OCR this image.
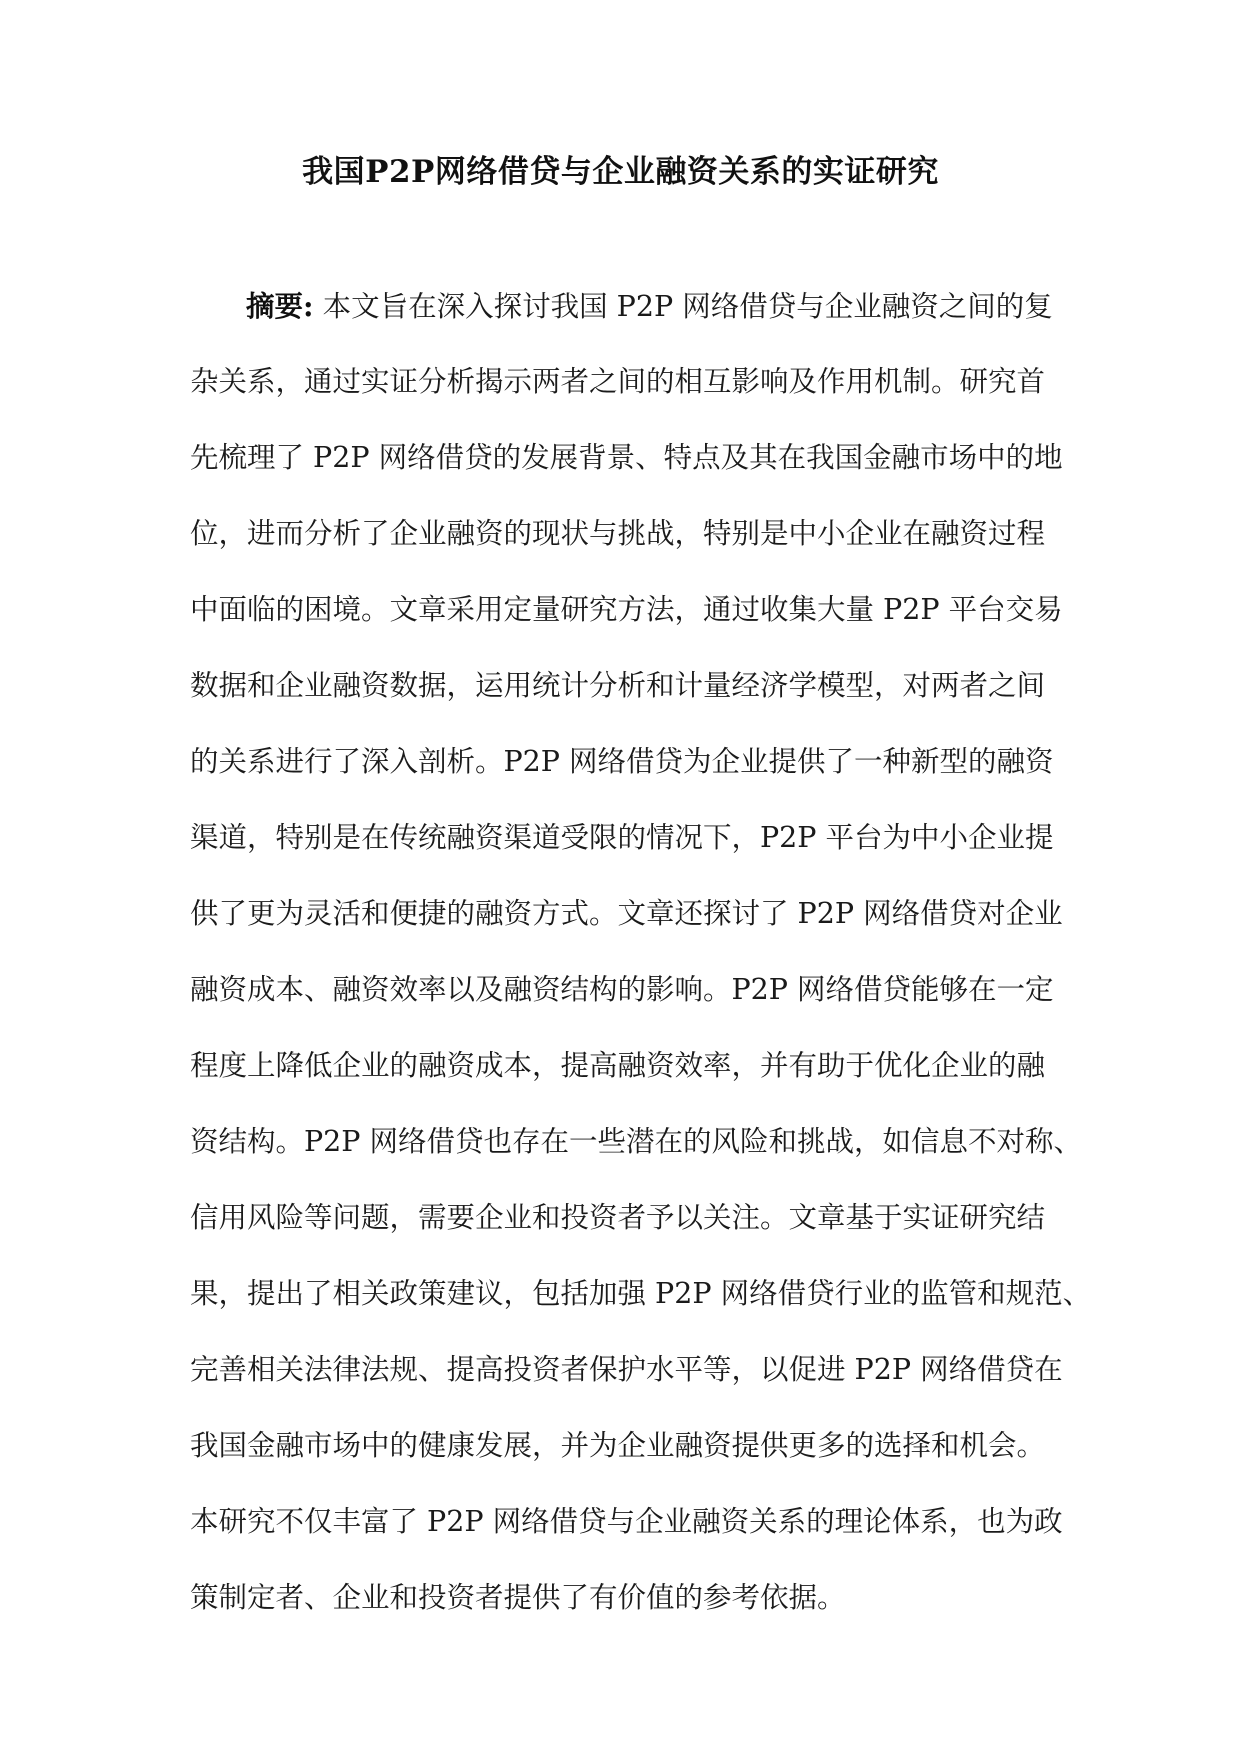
我国P2P网络借贷与企业融资关系的实证研究
摘要: 本文旨在深入探讨我国 P2P 网络借贷与企业融资之间的复
杂关系，通过实证分析揭示两者之间的相互影响及作用机制。研究首
先梳理了 P2P 网络借贷的发展背景、特点及其在我国金融市场中的地
位，进而分析了企业融资的现状与挑战，特别是中小企业在融资过程
中面临的困境。文章采用定量研究方法，通过收集大量 P2P 平台交易
数据和企业融资数据，运用统计分析和计量经济学模型，对两者之间
的关系进行了深入剖析。P2P 网络借贷为企业提供了一种新型的融资
渠道，特别是在传统融资渠道受限的情况下，P2P 平台为中小企业提
供了更为灵活和便捷的融资方式。文章还探讨了 P2P 网络借贷对企业
融资成本、融资效率以及融资结构的影响。P2P 网络借贷能够在一定
程度上降低企业的融资成本，提高融资效率，并有助于优化企业的融
资结构。P2P 网络借贷也存在一些潜在的风险和挑战，如信息不对称、
信用风险等问题，需要企业和投资者予以关注。文章基于实证研究结
果，提出了相关政策建议，包括加强 P2P 网络借贷行业的监管和规范、
完善相关法律法规、提高投资者保护水平等，以促进 P2P 网络借贷在
我国金融市场中的健康发展，并为企业融资提供更多的选择和机会。
本研究不仅丰富了 P2P 网络借贷与企业融资关系的理论体系，也为政
策制定者、企业和投资者提供了有价值的参考依据。
